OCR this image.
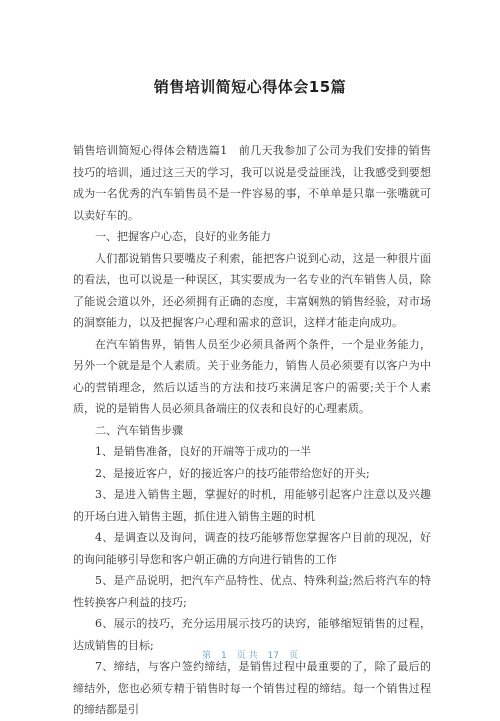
销售培训简短心得体会15篇

销售培训简短心得体会精选篇1　前几天我参加了公司为我们安排的销售技巧的培训，通过这三天的学习，我可以说是受益匪浅，让我感受到要想成为一名优秀的汽车销售员不是一件容易的事，不单单是只靠一张嘴就可以卖好车的。

一、把握客户心态，良好的业务能力

人们都说销售只要嘴皮子利索，能把客户说到心动，这是一种很片面的看法，也可以说是一种误区，其实要成为一名专业的汽车销售人员，除了能说会道以外，还必须拥有正确的态度，丰富娴熟的销售经验，对市场的洞察能力，以及把握客户心理和需求的意识，这样才能走向成功。

在汽车销售界，销售人员至少必须具备两个条件，一个是业务能力，另外一个就是是个人素质。关于业务能力，销售人员必须要有以客户为中心的营销理念，然后以适当的方法和技巧来满足客户的需要;关于个人素质，说的是销售人员必须具备端庄的仪表和良好的心理素质。

二、汽车销售步骤

1、是销售准备，良好的开端等于成功的一半

2、是接近客户，好的接近客户的技巧能带给您好的开头;

3、是进入销售主题，掌握好的时机，用能够引起客户注意以及兴趣的开场白进入销售主题，抓住进入销售主题的时机

4、是调查以及询问，调查的技巧能够帮您掌握客户目前的现况，好的询问能够引导您和客户朝正确的方向进行销售的工作

5、是产品说明，把汽车产品特性、优点、特殊利益;然后将汽车的特性转换客户利益的技巧;

6、展示的技巧，充分运用展示技巧的诀窍，能够缩短销售的过程，达成销售的目标;

7、缔结，与客户签约缔结，是销售过程中最重要的了，除了最后的缔结外，您也必须专精于销售时每一个销售过程的缔结。每一个销售过程的缔结都是引

第 1 页 共 17 页
